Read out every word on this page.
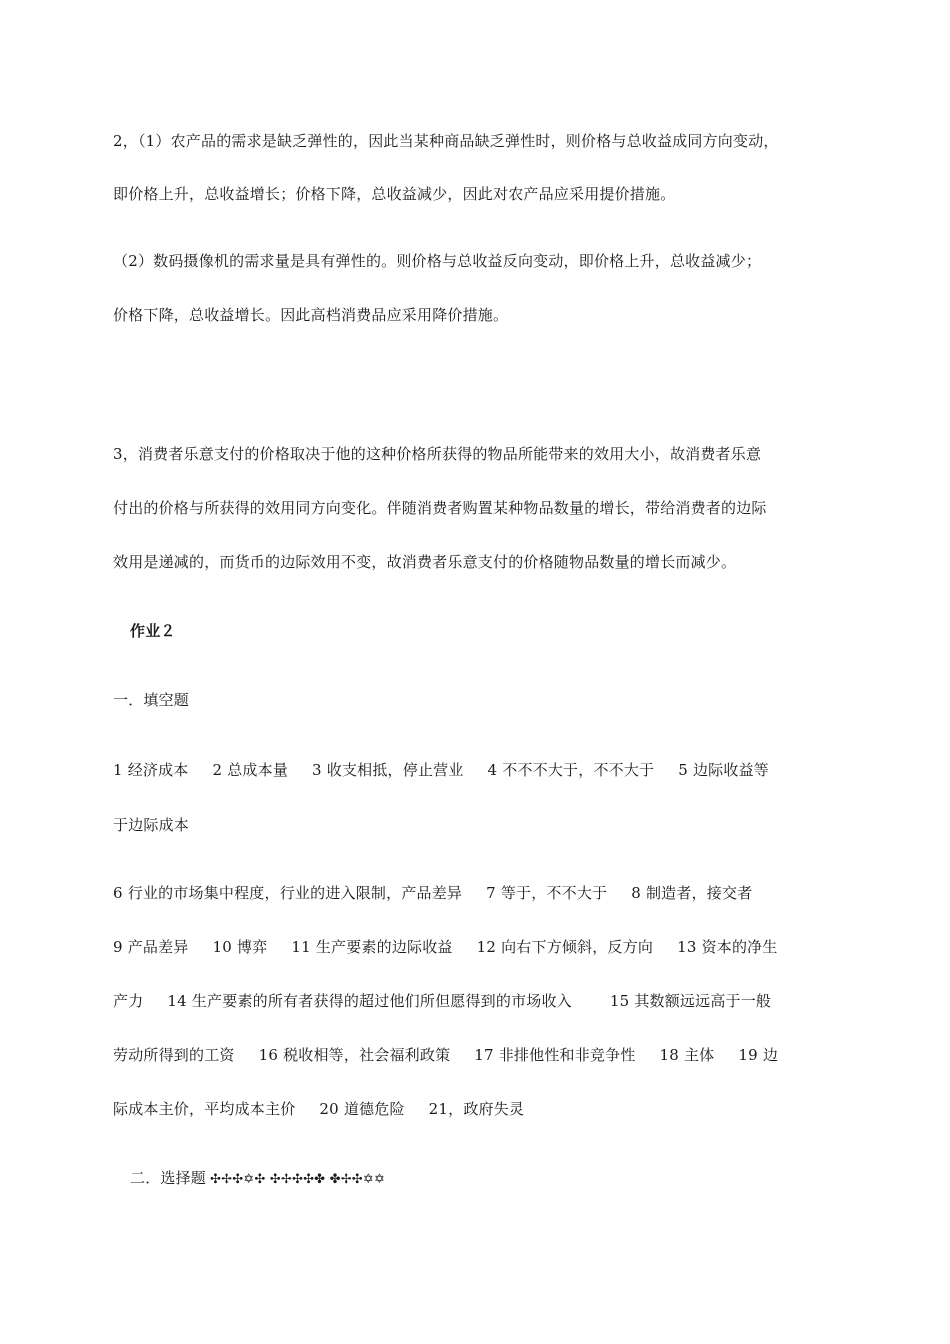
2，（1）农产品的需求是缺乏弹性的，因此当某种商品缺乏弹性时，则价格与总收益成同方向变动，
即价格上升，总收益增长；价格下降，总收益减少，因此对农产品应采用提价措施。
（2）数码摄像机的需求量是具有弹性的。则价格与总收益反向变动，即价格上升，总收益减少；
价格下降，总收益增长。因此高档消费品应采用降价措施。
3，消费者乐意支付的价格取决于他的这种价格所获得的物品所能带来的效用大小，故消费者乐意
付出的价格与所获得的效用同方向变化。伴随消费者购置某种物品数量的增长，带给消费者的边际
效用是递减的，而货币的边际效用不变，故消费者乐意支付的价格随物品数量的增长而减少。
作业２
一．填空题
1 经济成本 2 总成本量 3 收支相抵，停止营业 4 不不不大于，不不大于 5 边际收益等
于边际成本
6 行业的市场集中程度，行业的进入限制，产品差异 7 等于，不不大于 8 制造者，接交者
9 产品差异 10 博弈 11 生产要素的边际收益 12 向右下方倾斜，反方向 13 资本的净生
产力 14 生产要素的所有者获得的超过他们所但愿得到的市场收入	15 其数额远远高于一般
劳动所得到的工资 16 税收相等，社会福利政策 17 非排他性和非竞争性 18 主体 19 边
际成本主价，平均成本主价 20 道德危险 21，政府失灵
二．选择题 ✣✢✣✡✣ ✣✢✣✣✤ ✤✢✣✡✡
